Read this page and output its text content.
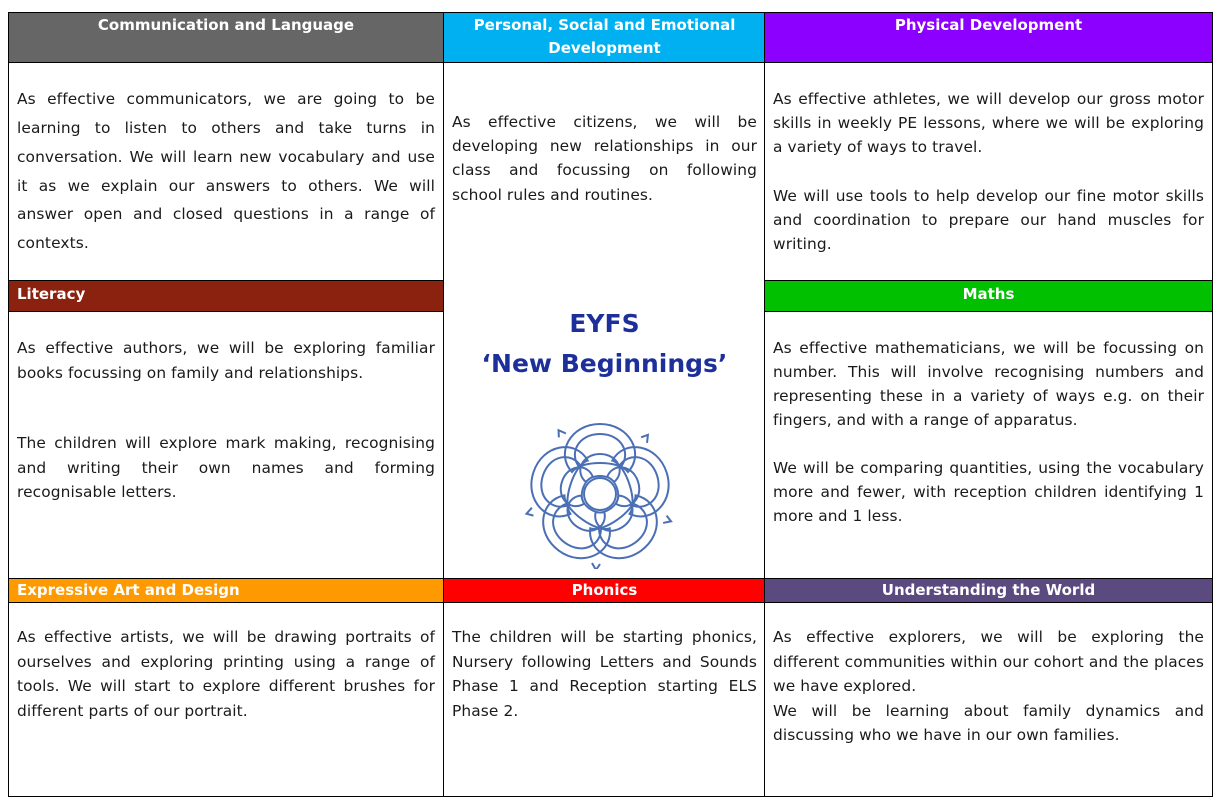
Communication and Language

As effective communicators, we are going to be learning to listen to others and take turns in conversation. We will learn new vocabulary and use it as we explain our answers to others. We will answer open and closed questions in a range of contexts.

Literacy

As effective authors, we will be exploring familiar books focussing on family and relationships.

The children will explore mark making, recognising and writing their own names and forming recognisable letters.

Expressive Art and Design

As effective artists, we will be drawing portraits of ourselves and exploring printing using a range of tools. We will start to explore different brushes for different parts of our portrait.

Personal, Social and Emotional
Development

As effective citizens, we will be developing new relationships in our class and focussing on following school rules and routines.

EYFS
‘New Beginnings’
Phonics

The children will be starting phonics, Nursery following Letters and Sounds Phase 1 and Reception starting ELS Phase 2.

Physical Development

As effective athletes, we will develop our gross motor skills in weekly PE lessons, where we will be exploring a variety of ways to travel.

We will use tools to help develop our fine motor skills and coordination to prepare our hand muscles for writing.

Maths

As effective mathematicians, we will be focussing on number. This will involve recognising numbers and representing these in a variety of ways e.g. on their fingers, and with a range of apparatus.

We will be comparing quantities, using the vocabulary more and fewer, with reception children identifying 1 more and 1 less.

Understanding the World

As effective explorers, we will be exploring the different communities within our cohort and the places we have explored.

We will be learning about family dynamics and discussing who we have in our own families.
